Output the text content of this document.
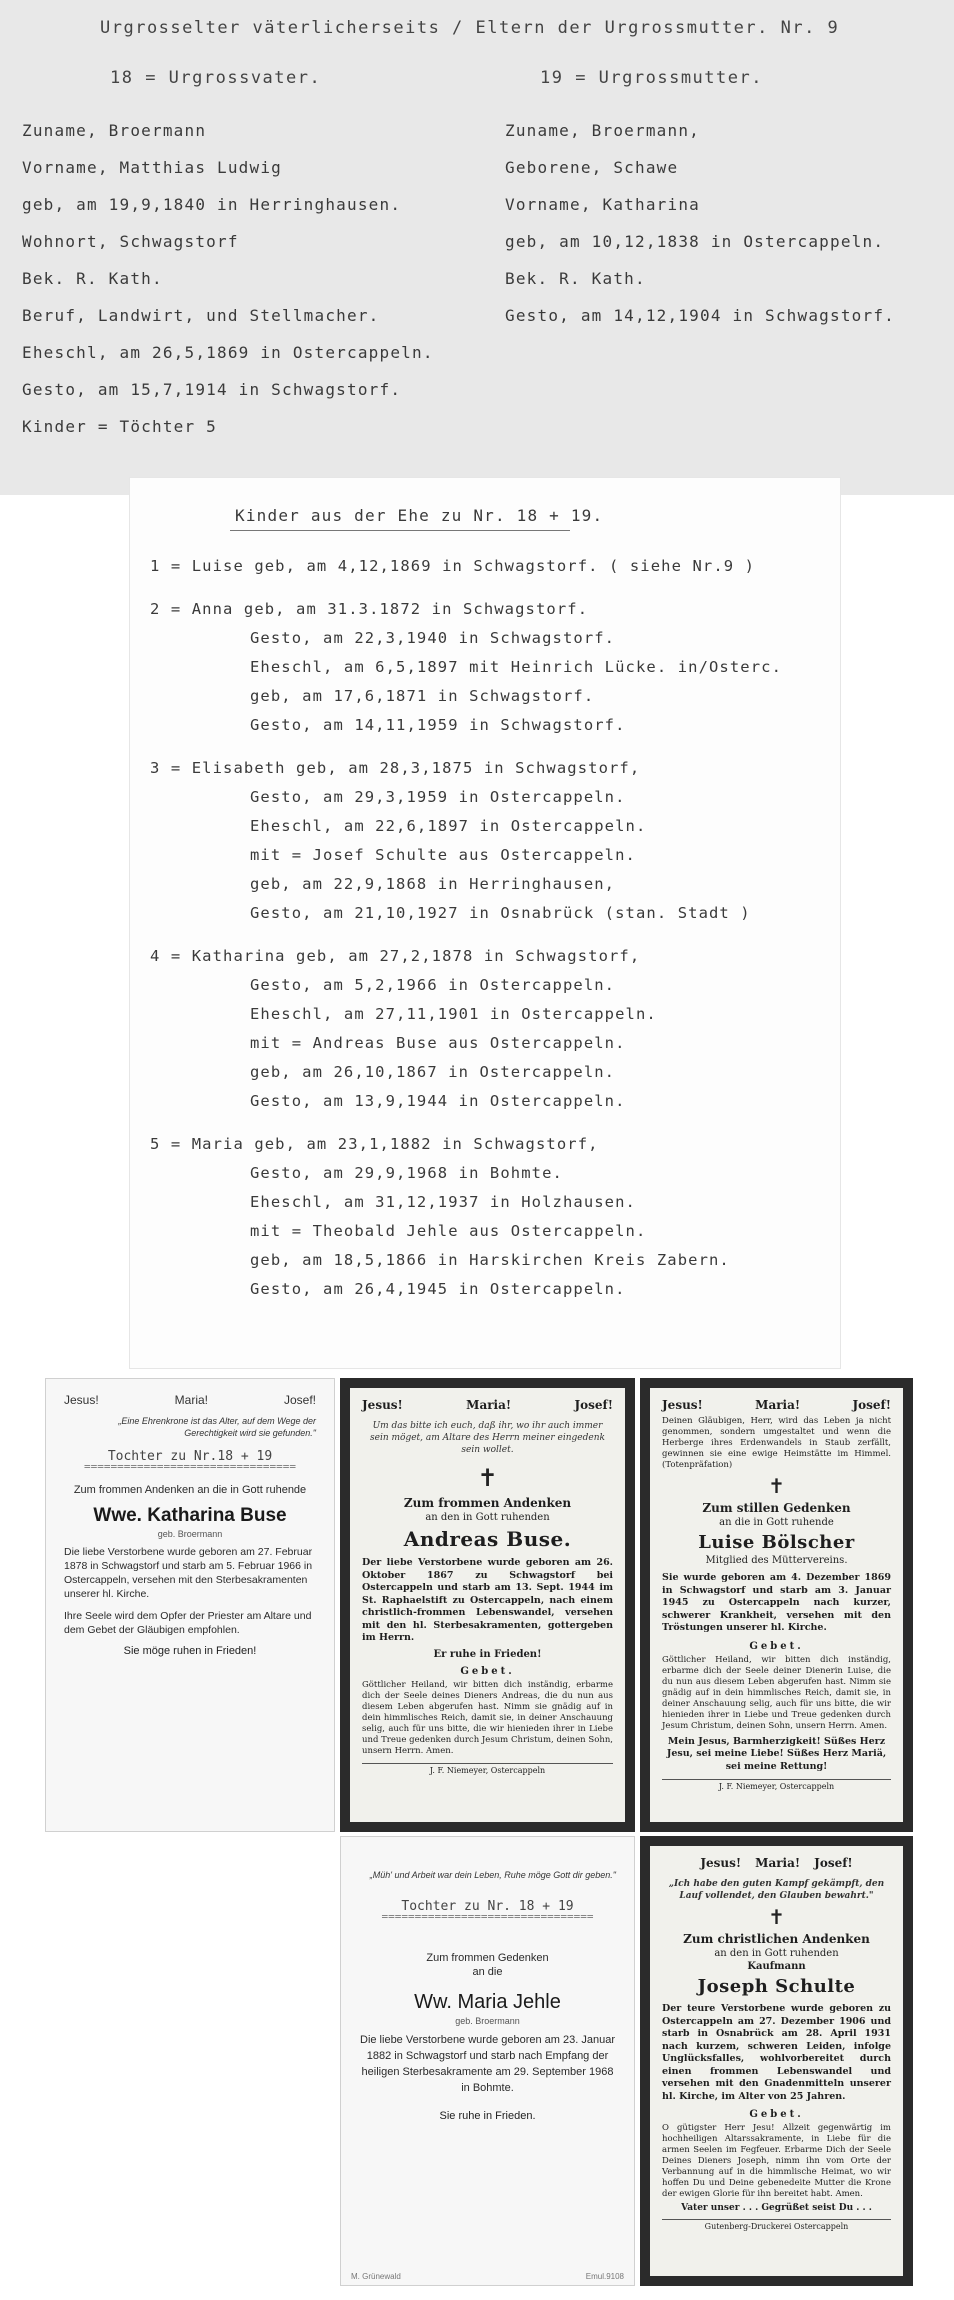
Urgrosselter väterlicherseits / Eltern der Urgrossmutter. Nr. 9
18 = Urgrossvater.	19 = Urgrossmutter.
Zuname, Broermann
Vorname, Matthias Ludwig
geb, am 19,9,1840 in Herringhausen.
Wohnort, Schwagstorf
Bek. R. Kath.
Beruf, Landwirt, und Stellmacher.
Eheschl, am 26,5,1869 in Ostercappeln.
Gesto, am 15,7,1914 in Schwagstorf.
Kinder = Töchter 5
Zuname, Broermann,
Geborene, Schawe
Vorname, Katharina
geb, am 10,12,1838 in Ostercappeln.
Bek. R. Kath.
Gesto, am 14,12,1904 in Schwagstorf.
Kinder aus der Ehe zu Nr. 18 + 19.
1 = Luise geb, am 4,12,1869 in Schwagstorf. ( siehe Nr.9 )
2 = Anna geb, am 31.3.1872 in Schwagstorf.
Gesto, am 22,3,1940 in Schwagstorf.
Eheschl, am 6,5,1897 mit Heinrich Lücke. in/Osterc.
geb, am 17,6,1871 in Schwagstorf.
Gesto, am 14,11,1959 in Schwagstorf.
3 = Elisabeth geb, am 28,3,1875 in Schwagstorf,
Gesto, am 29,3,1959 in Ostercappeln.
Eheschl, am 22,6,1897 in Ostercappeln.
mit = Josef Schulte aus Ostercappeln.
geb, am 22,9,1868 in Herringhausen,
Gesto, am 21,10,1927 in Osnabrück (stan. Stadt )
4 = Katharina geb, am 27,2,1878 in Schwagstorf,
Gesto, am 5,2,1966 in Ostercappeln.
Eheschl, am 27,11,1901 in Ostercappeln.
mit = Andreas Buse aus Ostercappeln.
geb, am 26,10,1867 in Ostercappeln.
Gesto, am 13,9,1944 in Ostercappeln.
5 = Maria geb, am 23,1,1882 in Schwagstorf,
Gesto, am 29,9,1968 in Bohmte.
Eheschl, am 31,12,1937 in Holzhausen.
mit = Theobald Jehle aus Ostercappeln.
geb, am 18,5,1866 in Harskirchen Kreis Zabern.
Gesto, am 26,4,1945 in Ostercappeln.
Jesus!	Maria!	Josef!
„Eine Ehrenkrone ist das Alter, auf dem Wege der Gerechtigkeit wird sie gefunden."
Tochter zu Nr.18 + 19
================================
Zum frommen Andenken an die in Gott ruhende
Wwe. Katharina Buse
geb. Broermann

Die liebe Verstorbene wurde geboren am 27. Februar 1878 in Schwagstorf und starb am 5. Februar 1966 in Ostercappeln, versehen mit den Sterbesakramenten unserer hl. Kirche.

Ihre Seele wird dem Opfer der Priester am Altare und dem Gebet der Gläubigen empfohlen.

Sie möge ruhen in Frieden!
Jesus!	Maria!	Josef!
Um das bitte ich euch, daß ihr, wo ihr auch immer sein möget, am Altare des Herrn meiner eingedenk sein wollet.
✝
Zum frommen Andenken
an den in Gott ruhenden
Andreas Buse.
Der liebe Verstorbene wurde geboren am 26. Oktober 1867 zu Schwagstorf bei Ostercappeln und starb am 13. Sept. 1944 im St. Raphaelstift zu Ostercappeln, nach einem christlich-frommen Lebenswandel, versehen mit den hl. Sterbesakramenten, gottergeben im Herrn.
Er ruhe in Frieden!
Gebet.
Göttlicher Heiland, wir bitten dich inständig, erbarme dich der Seele deines Dieners Andreas, die du nun aus diesem Leben abgerufen hast. Nimm sie gnädig auf in dein himmlisches Reich, damit sie, in deiner Anschauung selig, auch für uns bitte, die wir hienieden ihrer in Liebe und Treue gedenken durch Jesum Christum, deinen Sohn, unsern Herrn. Amen.
J. F. Niemeyer, Ostercappeln
Jesus!	Maria!	Josef!
Deinen Gläubigen, Herr, wird das Leben ja nicht genommen, sondern umgestaltet und wenn die Herberge ihres Erdenwandels in Staub zerfällt, gewinnen sie eine ewige Heimstätte im Himmel. (Totenpräfation)
✝
Zum stillen Gedenken
an die in Gott ruhende
Luise Bölscher
Mitglied des Müttervereins.
Sie wurde geboren am 4. Dezember 1869 in Schwagstorf und starb am 3. Januar 1945 zu Ostercappeln nach kurzer, schwerer Krankheit, versehen mit den Tröstungen unserer hl. Kirche.
Gebet.
Göttlicher Heiland, wir bitten dich inständig, erbarme dich der Seele deiner Dienerin Luise, die du nun aus diesem Leben abgerufen hast. Nimm sie gnädig auf in dein himmlisches Reich, damit sie, in deiner Anschauung selig, auch für uns bitte, die wir hienieden ihrer in Liebe und Treue gedenken durch Jesum Christum, deinen Sohn, unsern Herrn. Amen.
Mein Jesus, Barmherzigkeit! Süßes Herz Jesu, sei meine Liebe! Süßes Herz Mariä, sei meine Rettung!
J. F. Niemeyer, Ostercappeln
„Müh' und Arbeit war dein Leben, Ruhe möge Gott dir geben."
Tochter zu Nr. 18 + 19
================================
Zum frommen Gedenken
an die
Ww. Maria Jehle
geb. Broermann
Die liebe Verstorbene wurde geboren am 23. Januar 1882 in Schwagstorf und starb nach Empfang der heiligen Sterbesakramente am 29. September 1968 in Bohmte.
Sie ruhe in Frieden.
M. Grünewald	Emul.9108
Jesus! Maria! Josef!
„Ich habe den guten Kampf gekämpft, den Lauf vollendet, den Glauben bewahrt."
✝
Zum christlichen Andenken
an den in Gott ruhenden
Kaufmann
Joseph Schulte
Der teure Verstorbene wurde geboren zu Ostercappeln am 27. Dezember 1906 und starb in Osnabrück am 28. April 1931 nach kurzem, schweren Leiden, infolge Unglücksfalles, wohlvorbereitet durch einen frommen Lebenswandel und versehen mit den Gnadenmitteln unserer hl. Kirche, im Alter von 25 Jahren.
Gebet.
O gütigster Herr Jesu! Allzeit gegenwärtig im hochheiligen Altarssakramente, in Liebe für die armen Seelen im Fegfeuer. Erbarme Dich der Seele Deines Dieners Joseph, nimm ihn vom Orte der Verbannung auf in die himmlische Heimat, wo wir hoffen Du und Deine gebenedeite Mutter die Krone der ewigen Glorie für ihn bereitet habt. Amen.
Vater unser . . . Gegrüßet seist Du . . .
Gutenberg-Druckerei Ostercappeln
